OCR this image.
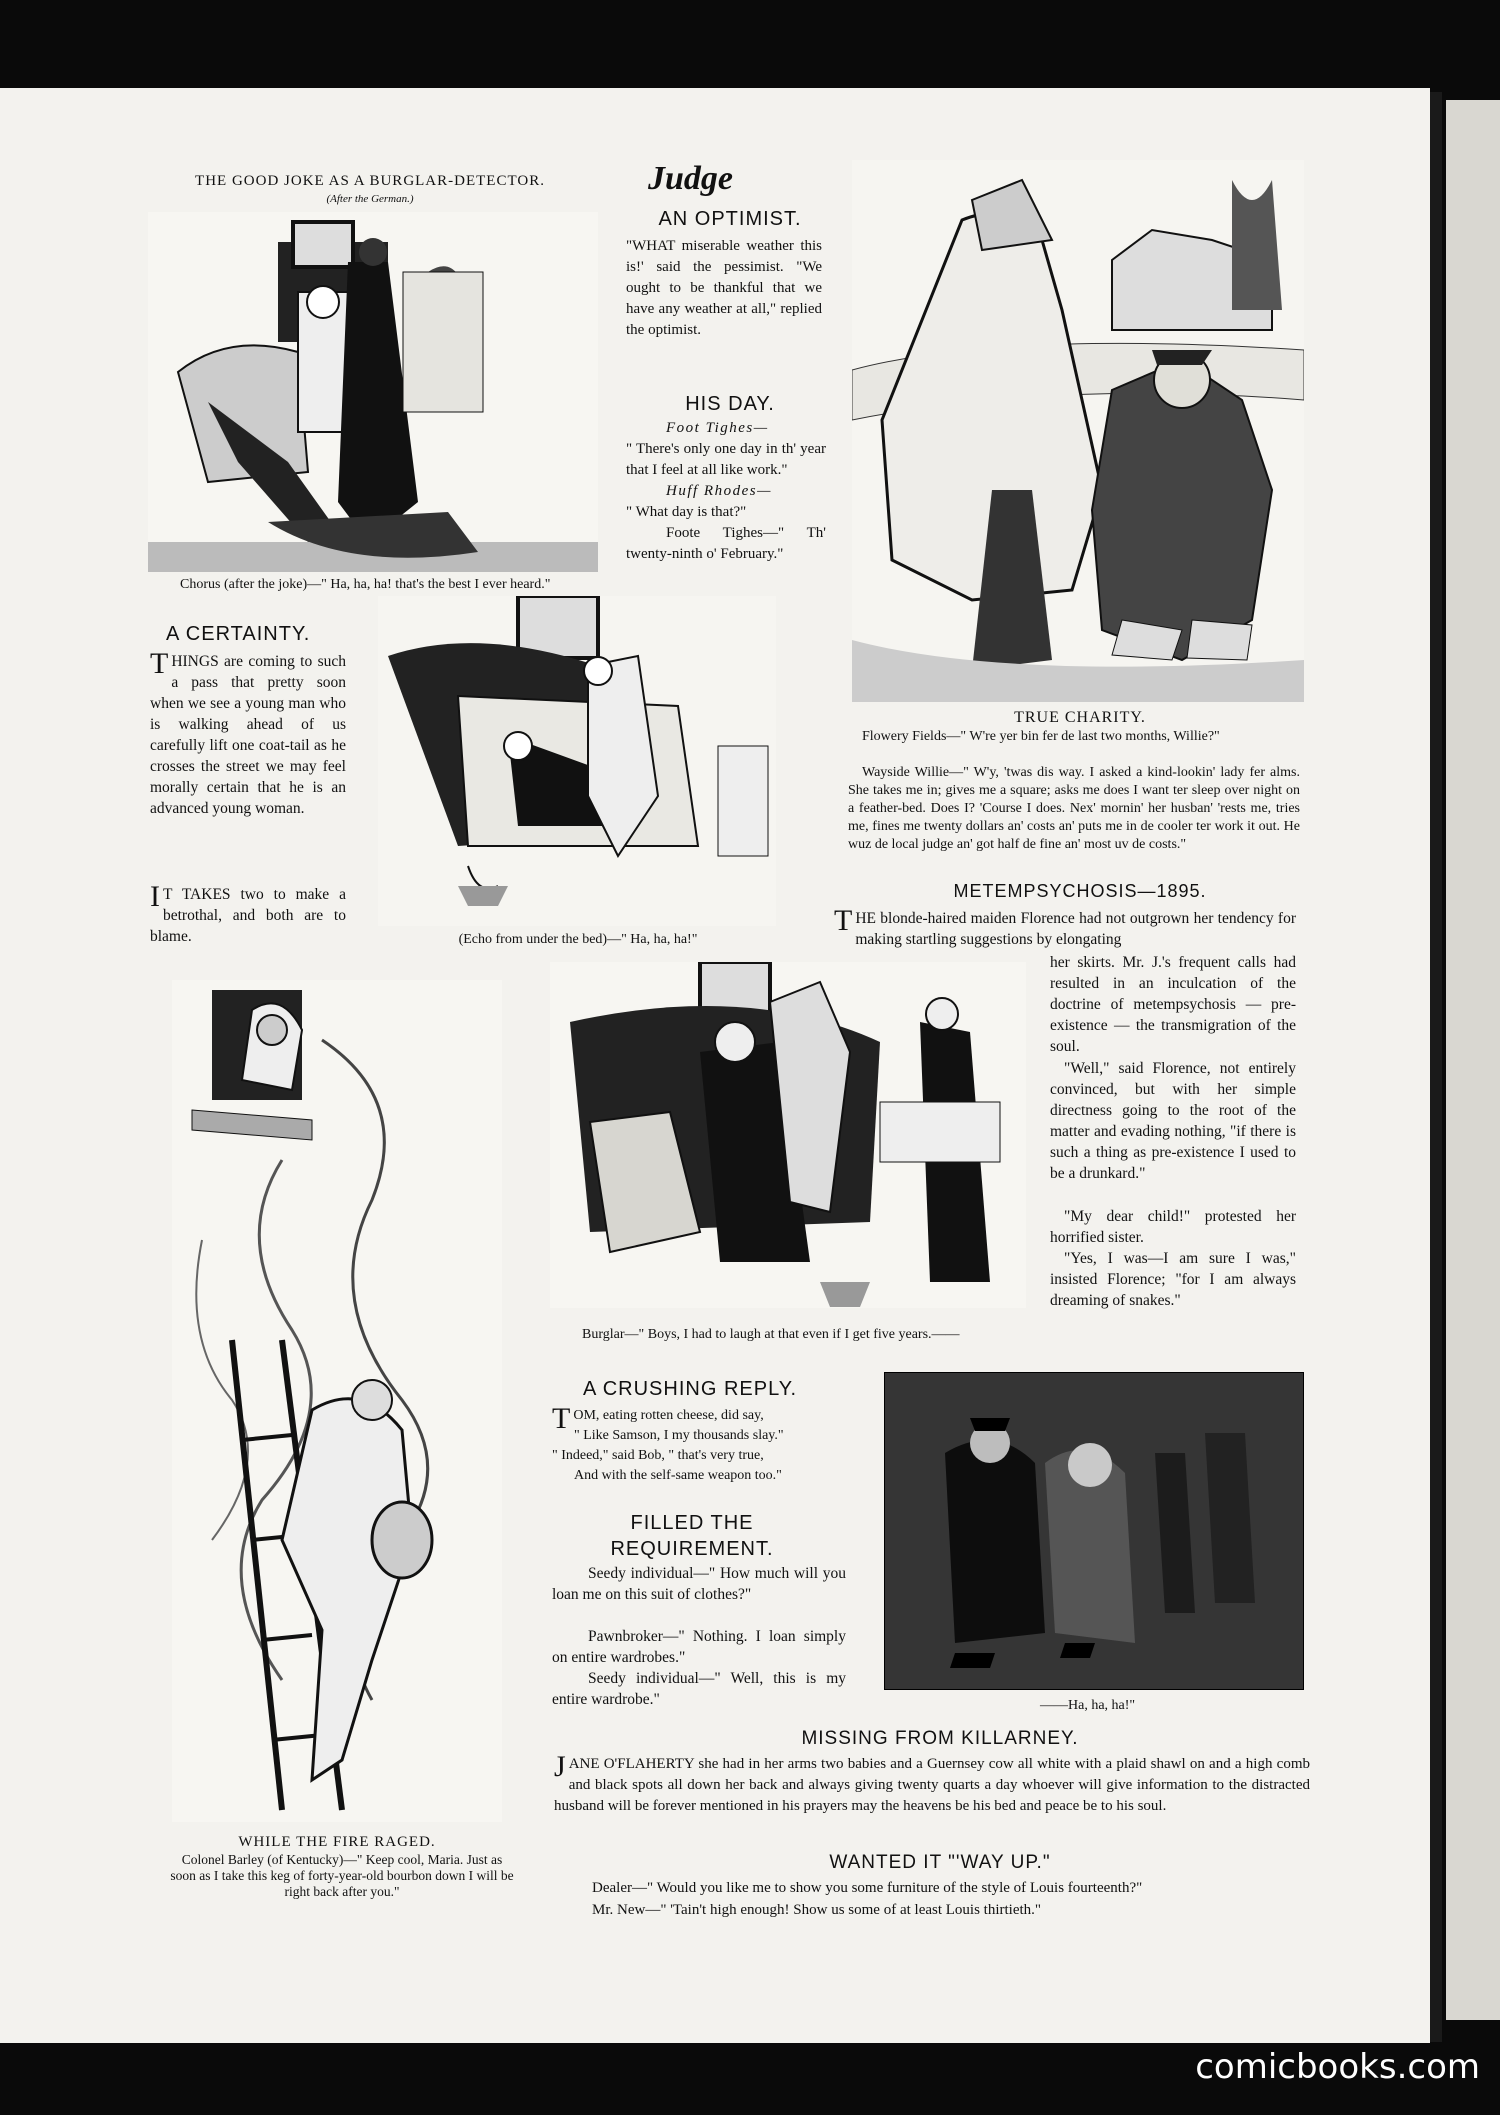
THE GOOD JOKE AS A BURGLAR-DETECTOR.
(After the German.)
Chorus (after the joke)—" Ha, ha, ha! that's the best I ever heard."
Judge
AN OPTIMIST.
"WHAT miserable weather this is!' said the pessimist. "We ought to be thankful that we have any weather at all," replied the optimist.
HIS DAY.

Foot Tighes—

" There's only one day in th' year that I feel at all like work."

Huff Rhodes—

" What day is that?"

Foote Tighes—" Th' twenty-ninth o' February."

TRUE CHARITY.
Flowery Fields—" W're yer bin fer de last two months, Willie?"
Wayside Willie—" W'y, 'twas dis way. I asked a kind-lookin' lady fer alms. She takes me in; gives me a square; asks me does I want ter sleep over night on a feather-bed. Does I? 'Course I does. Nex' mornin' her husban' 'rests me, tries me, fines me twenty dollars an' costs an' puts me in de cooler ter work it out. He wuz de local judge an' got half de fine an' most uv de costs."
A CERTAINTY.
THINGS are coming to such a pass that pretty soon when we see a young man who is walking ahead of us carefully lift one coat-tail as he crosses the street we may feel morally certain that he is an advanced young woman.
IT TAKES two to make a betrothal, and both are to blame.	(Echo from under the bed)—" Ha, ha, ha!"
METEMPSYCHOSIS—1895.
THE blonde-haired maiden Florence had not outgrown her tendency for making startling suggestions by elongating
her skirts. Mr. J.'s frequent calls had resulted in an inculcation of the doctrine of metempsychosis — pre-existence — the transmigration of the soul.
"Well," said Florence, not entirely convinced, but with her simple directness going to the root of the matter and evading nothing, "if there is such a thing as pre-existence I used to be a drunkard."
"My dear child!" protested her horrified sister.
"Yes, I was—I am sure I was," insisted Florence; "for I am always dreaming of snakes."
WHILE THE FIRE RAGED.
Colonel Barley (of Kentucky)—" Keep cool, Maria. Just as soon as I take this keg of forty-year-old bourbon down I will be right back after you."
Burglar—" Boys, I had to laugh at that even if I get five years.——
A CRUSHING REPLY.

TOM, eating rotten cheese, did say,

" Like Samson, I my thousands slay."

" Indeed," said Bob, " that's very true,

And with the self-same weapon too."

FILLED THE REQUIREMENT.
Seedy individual—" How much will you loan me on this suit of clothes?"
Pawnbroker—" Nothing. I loan simply on entire wardrobes."
Seedy individual—" Well, this is my entire wardrobe."	——Ha, ha, ha!"
MISSING FROM KILLARNEY.
JANE O'FLAHERTY she had in her arms two babies and a Guernsey cow all white with a plaid shawl on and a high comb and black spots all down her back and always giving twenty quarts a day whoever will give information to the distracted husband will be forever mentioned in his prayers may the heavens be his bed and peace be to his soul.
WANTED IT "'WAY UP."
Dealer—" Would you like me to show you some furniture of the style of Louis fourteenth?"
Mr. New—" 'Tain't high enough! Show us some of at least Louis thirtieth."
comicbooks.com
